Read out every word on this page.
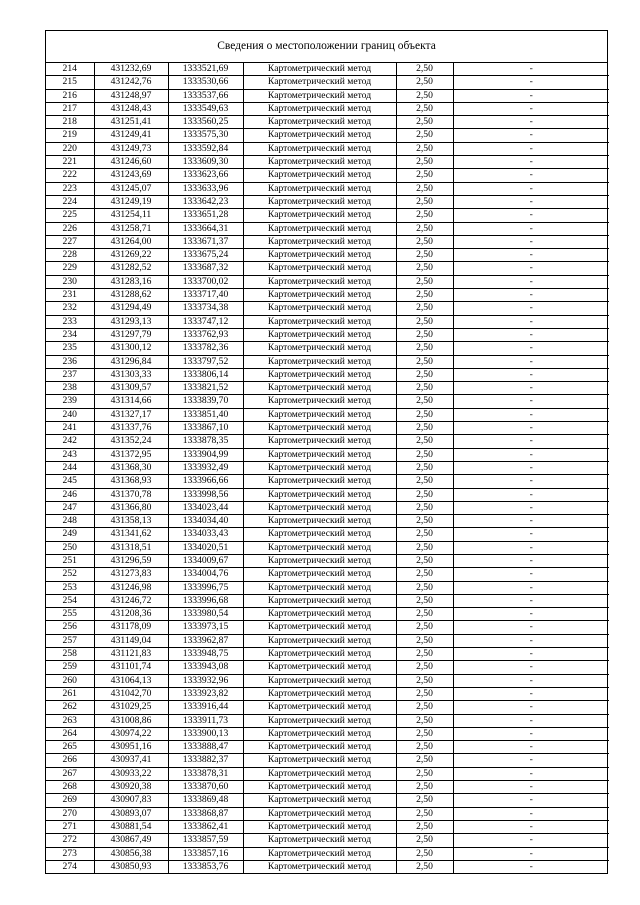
Сведения о местоположении границ объекта
214	431232,69	1333521,69	Картометрический метод	2,50	-
215	431242,76	1333530,66	Картометрический метод	2,50	-
216	431248,97	1333537,66	Картометрический метод	2,50	-
217	431248,43	1333549,63	Картометрический метод	2,50	-
218	431251,41	1333560,25	Картометрический метод	2,50	-
219	431249,41	1333575,30	Картометрический метод	2,50	-
220	431249,73	1333592,84	Картометрический метод	2,50	-
221	431246,60	1333609,30	Картометрический метод	2,50	-
222	431243,69	1333623,66	Картометрический метод	2,50	-
223	431245,07	1333633,96	Картометрический метод	2,50	-
224	431249,19	1333642,23	Картометрический метод	2,50	-
225	431254,11	1333651,28	Картометрический метод	2,50	-
226	431258,71	1333664,31	Картометрический метод	2,50	-
227	431264,00	1333671,37	Картометрический метод	2,50	-
228	431269,22	1333675,24	Картометрический метод	2,50	-
229	431282,52	1333687,32	Картометрический метод	2,50	-
230	431283,16	1333700,02	Картометрический метод	2,50	-
231	431288,62	1333717,40	Картометрический метод	2,50	-
232	431294,49	1333734,38	Картометрический метод	2,50	-
233	431293,13	1333747,12	Картометрический метод	2,50	-
234	431297,79	1333762,93	Картометрический метод	2,50	-
235	431300,12	1333782,36	Картометрический метод	2,50	-
236	431296,84	1333797,52	Картометрический метод	2,50	-
237	431303,33	1333806,14	Картометрический метод	2,50	-
238	431309,57	1333821,52	Картометрический метод	2,50	-
239	431314,66	1333839,70	Картометрический метод	2,50	-
240	431327,17	1333851,40	Картометрический метод	2,50	-
241	431337,76	1333867,10	Картометрический метод	2,50	-
242	431352,24	1333878,35	Картометрический метод	2,50	-
243	431372,95	1333904,99	Картометрический метод	2,50	-
244	431368,30	1333932,49	Картометрический метод	2,50	-
245	431368,93	1333966,66	Картометрический метод	2,50	-
246	431370,78	1333998,56	Картометрический метод	2,50	-
247	431366,80	1334023,44	Картометрический метод	2,50	-
248	431358,13	1334034,40	Картометрический метод	2,50	-
249	431341,62	1334033,43	Картометрический метод	2,50	-
250	431318,51	1334020,51	Картометрический метод	2,50	-
251	431296,59	1334009,67	Картометрический метод	2,50	-
252	431273,83	1334004,76	Картометрический метод	2,50	-
253	431246,98	1333996,75	Картометрический метод	2,50	-
254	431246,72	1333996,68	Картометрический метод	2,50	-
255	431208,36	1333980,54	Картометрический метод	2,50	-
256	431178,09	1333973,15	Картометрический метод	2,50	-
257	431149,04	1333962,87	Картометрический метод	2,50	-
258	431121,83	1333948,75	Картометрический метод	2,50	-
259	431101,74	1333943,08	Картометрический метод	2,50	-
260	431064,13	1333932,96	Картометрический метод	2,50	-
261	431042,70	1333923,82	Картометрический метод	2,50	-
262	431029,25	1333916,44	Картометрический метод	2,50	-
263	431008,86	1333911,73	Картометрический метод	2,50	-
264	430974,22	1333900,13	Картометрический метод	2,50	-
265	430951,16	1333888,47	Картометрический метод	2,50	-
266	430937,41	1333882,37	Картометрический метод	2,50	-
267	430933,22	1333878,31	Картометрический метод	2,50	-
268	430920,38	1333870,60	Картометрический метод	2,50	-
269	430907,83	1333869,48	Картометрический метод	2,50	-
270	430893,07	1333868,87	Картометрический метод	2,50	-
271	430881,54	1333862,41	Картометрический метод	2,50	-
272	430867,49	1333857,59	Картометрический метод	2,50	-
273	430856,38	1333857,16	Картометрический метод	2,50	-
274	430850,93	1333853,76	Картометрический метод	2,50	-
